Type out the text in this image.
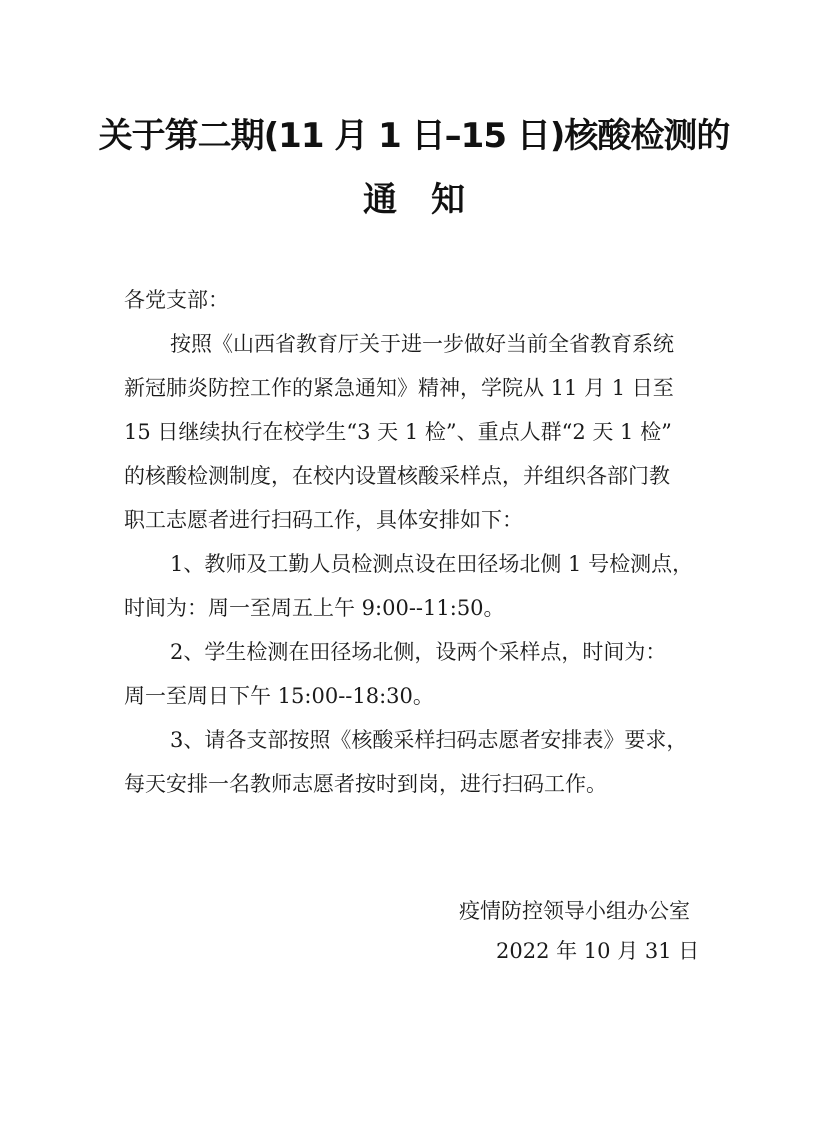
关于第二期(11 月 1 日–15 日)核酸检测的
通　知
各党支部：
按照《山西省教育厅关于进一步做好当前全省教育系统
新冠肺炎防控工作的紧急通知》精神，学院从 11 月 1 日至
15 日继续执行在校学生“3 天 1 检”、重点人群“2 天 1 检”
的核酸检测制度，在校内设置核酸采样点，并组织各部门教
职工志愿者进行扫码工作，具体安排如下：
1、教师及工勤人员检测点设在田径场北侧 1 号检测点，
时间为：周一至周五上午 9:00--11:50。
2、学生检测在田径场北侧，设两个采样点，时间为：
周一至周日下午 15:00--18:30。
3、请各支部按照《核酸采样扫码志愿者安排表》要求，
每天安排一名教师志愿者按时到岗，进行扫码工作。
疫情防控领导小组办公室
2022 年 10 月 31 日
